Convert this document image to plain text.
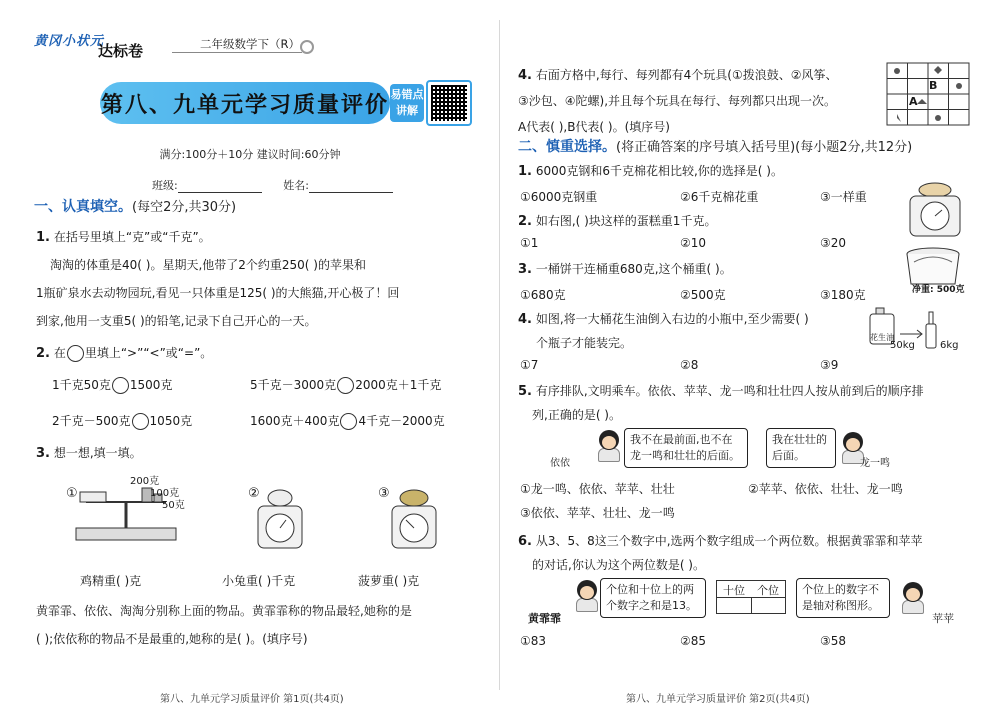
黄冈小状元
达标卷	二年级数学下（R）
第八、九单元学习质量评价 易错点讲解
满分:100分＋10分 建议时间:60分钟
班级:	姓名:
一、认真填空。(每空2分,共30分)
1. 在括号里填上“克”或“千克”。
淘淘的体重是40( )。星期天,他带了2个约重250( )的苹果和
1瓶矿泉水去动物园玩,看见一只体重是125( )的大熊猫,开心极了！回
到家,他用一支重5( )的铅笔,记录下自己开心的一天。
2. 在 里填上“>”“<”或“=”。
1千克50克 1500克	5千克－3000克 2000克＋1千克
2千克－500克 1050克	1600克＋400克 4千克－2000克
3. 想一想,填一填。
①
200克
100克
50克
②	③
鸡精重( )克	小兔重( )千克	菠萝重( )克
黄霏霏、依依、淘淘分别称上面的物品。黄霏霏称的物品最轻,她称的是
( );依依称的物品不是最重的,她称的是( )。(填序号)
第八、九单元学习质量评价 第1页(共4页)
4. 右面方格中,每行、每列都有4个玩具(①拨浪鼓、②风筝、
③沙包、④陀螺),并且每个玩具在每行、每列都只出现一次。
A代表( ),B代表( )。(填序号)
A
B
二、慎重选择。(将正确答案的序号填入括号里)(每小题2分,共12分)
1. 6000克钢和6千克棉花相比较,你的选择是( )。
①6000克钢重	②6千克棉花重	③一样重
2. 如右图,( )块这样的蛋糕重1千克。
①1	②10	③20
3. 一桶饼干连桶重680克,这个桶重( )。
①680克	②500克	③180克	净重: 500克
4. 如图,将一大桶花生油倒入右边的小瓶中,至少需要( )
个瓶子才能装完。
①7	②8	③9
花生油
50kg	6kg
5. 有序排队,文明乘车。依依、苹苹、龙一鸣和壮壮四人按从前到后的顺序排
列,正确的是( )。
依依
我不在最前面,也不在
龙一鸣和壮壮的后面。
我在壮壮的
后面。
龙一鸣
①龙一鸣、依依、苹苹、壮壮	②苹苹、依依、壮壮、龙一鸣
③依依、苹苹、壮壮、龙一鸣
6. 从3、5、8这三个数字中,选两个数字组成一个两位数。根据黄霏霏和苹苹
的对话,你认为这个两位数是( )。
黄霏霏
个位和十位上的两
个数字之和是13。
十位 个位 个位上的数字不
是轴对称图形。
苹苹
①83	②85	③58
第八、九单元学习质量评价 第2页(共4页)
